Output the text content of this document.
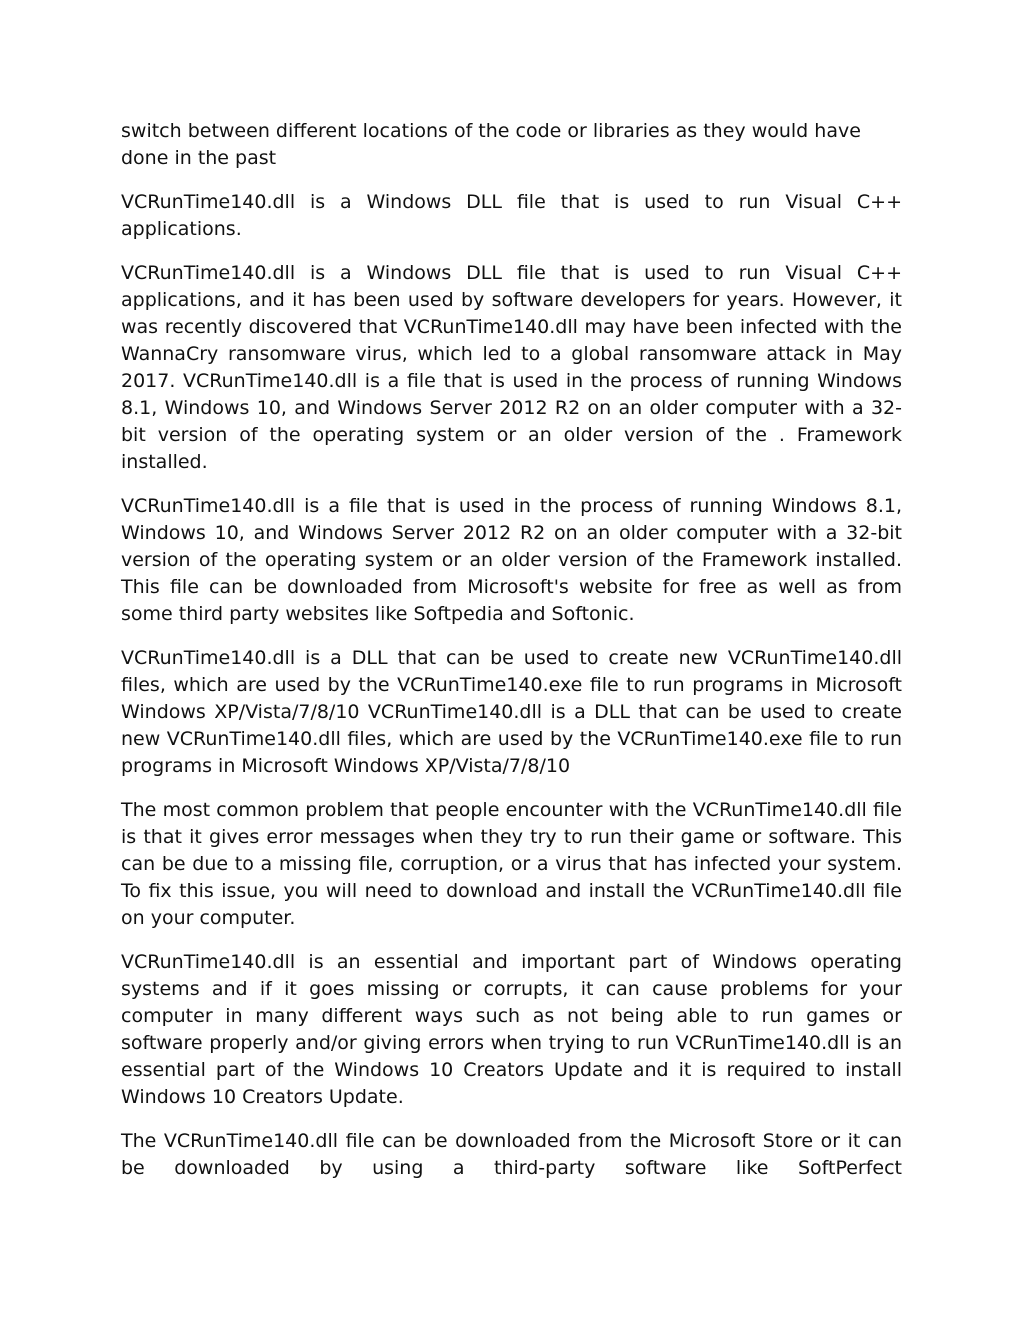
switch between different locations of the code or libraries as they would have done in the past

VCRunTime140.dll is a Windows DLL file that is used to run Visual C++ applications.

VCRunTime140.dll is a Windows DLL file that is used to run Visual C++ applications, and it has been used by software developers for years. However, it was recently discovered that VCRunTime140.dll may have been infected with the WannaCry ransomware virus, which led to a global ransomware attack in May 2017. VCRunTime140.dll is a file that is used in the process of running Windows 8.1, Windows 10, and Windows Server 2012 R2 on an older computer with a 32-bit version of the operating system or an older version of the . Framework installed.

VCRunTime140.dll is a file that is used in the process of running Windows 8.1, Windows 10, and Windows Server 2012 R2 on an older computer with a 32-bit version of the operating system or an older version of the Framework installed. This file can be downloaded from Microsoft's website for free as well as from some third party websites like Softpedia and Softonic.

VCRunTime140.dll is a DLL that can be used to create new VCRunTime140.dll files, which are used by the VCRunTime140.exe file to run programs in Microsoft Windows XP/Vista/7/8/10 VCRunTime140.dll is a DLL that can be used to create new VCRunTime140.dll files, which are used by the VCRunTime140.exe file to run programs in Microsoft Windows XP/Vista/7/8/10

The most common problem that people encounter with the VCRunTime140.dll file is that it gives error messages when they try to run their game or software. This can be due to a missing file, corruption, or a virus that has infected your system. To fix this issue, you will need to download and install the VCRunTime140.dll file on your computer.

VCRunTime140.dll is an essential and important part of Windows operating systems and if it goes missing or corrupts, it can cause problems for your computer in many different ways such as not being able to run games or software properly and/or giving errors when trying to run VCRunTime140.dll is an essential part of the Windows 10 Creators Update and it is required to install Windows 10 Creators Update.

The VCRunTime140.dll file can be downloaded from the Microsoft Store or it can be downloaded by using a third-party software like SoftPerfect
